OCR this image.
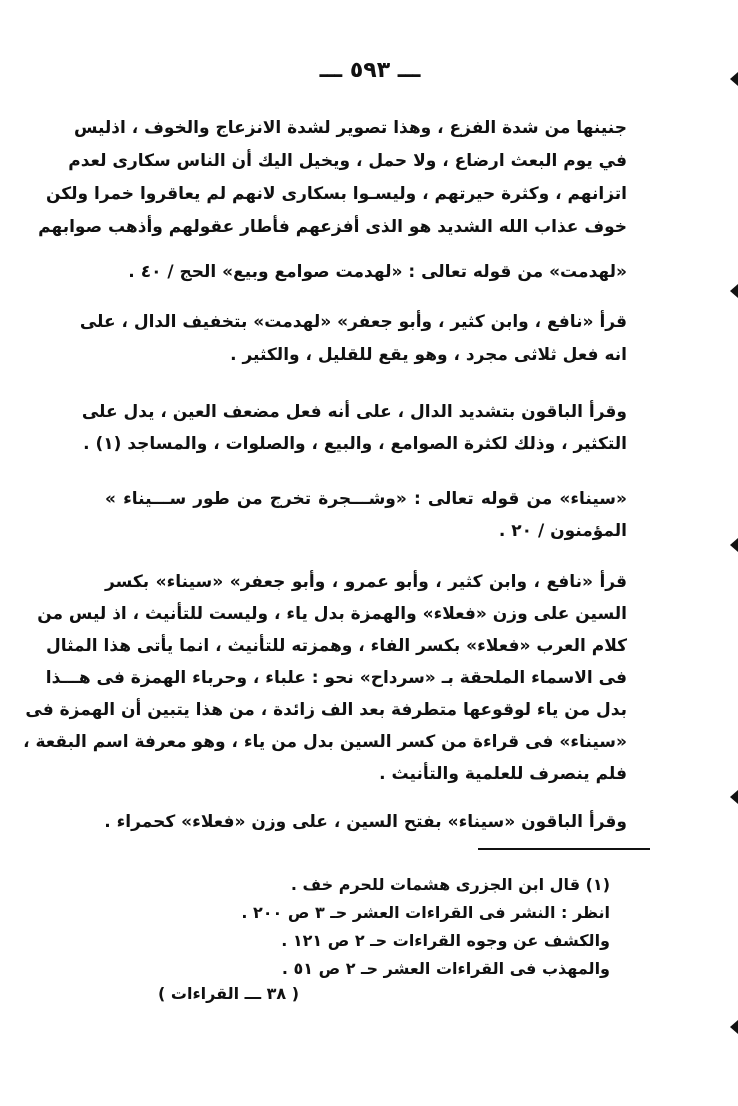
ـــ ٥٩٣ ـــ
جنينها من شدة الفزع ، وهذا تصوير لشدة الانزعاج والخوف ، اذليس
في يوم البعث ارضاع ، ولا حمل ، ويخيل اليك أن الناس سكارى لعدم
اتزانهم ، وكثرة حيرتهم ، وليسـوا بسكارى لانهم لم يعاقروا خمرا ولكن
خوف عذاب الله الشديد هو الذى أفزعهم فأطار عقولهم وأذهب صوابهم
«لهدمت» من قوله تعالى : «لهدمت صوامع وبيع» الحج / ٤٠ .
قرأ «نافع ، وابن كثير ، وأبو جعفر» «لهدمت» بتخفيف الدال ، على
انه فعل ثلاثى مجرد ، وهو يقع للقليل ، والكثير .
وقرأ الباقون بتشديد الدال ، على أنه فعل مضعف العين ، يدل على
التكثير ، وذلك لكثرة الصوامع ، والبيع ، والصلوات ، والمساجد (١) .
«سيناء» من قوله تعالى : «وشـــجرة تخرج من طور ســـيناء »
المؤمنون / ٢٠ .
قرأ «نافع ، وابن كثير ، وأبو عمرو ، وأبو جعفر» «سيناء» بكسر
السين على وزن «فعلاء» والهمزة بدل ياء ، وليست للتأنيث ، اذ ليس من
كلام العرب «فعلاء» بكسر الفاء ، وهمزته للتأنيث ، انما يأتى هذا المثال
فى الاسماء الملحقة بـ «سرداح» نحو : علباء ، وحرباء الهمزة فى هـــذا
بدل من ياء لوقوعها متطرفة بعد الف زائدة ، من هذا يتبين أن الهمزة فى
«سيناء» فى قراءة من كسر السين بدل من ياء ، وهو معرفة اسم البقعة ،
فلم ينصرف للعلمية والتأنيث .
وقرأ الباقون «سيناء» بفتح السين ، على وزن «فعلاء» كحمراء .
(١) قال ابن الجزرى هشمات للحرم خف .
انظر : النشر فى القراءات العشر حـ ٣ ص ٢٠٠ .
والكشف عن وجوه القراءات حـ ٢ ص ١٢١ .
والمهذب فى القراءات العشر حـ ٢ ص ٥١ .
( ٣٨ ـــ القراءات )
